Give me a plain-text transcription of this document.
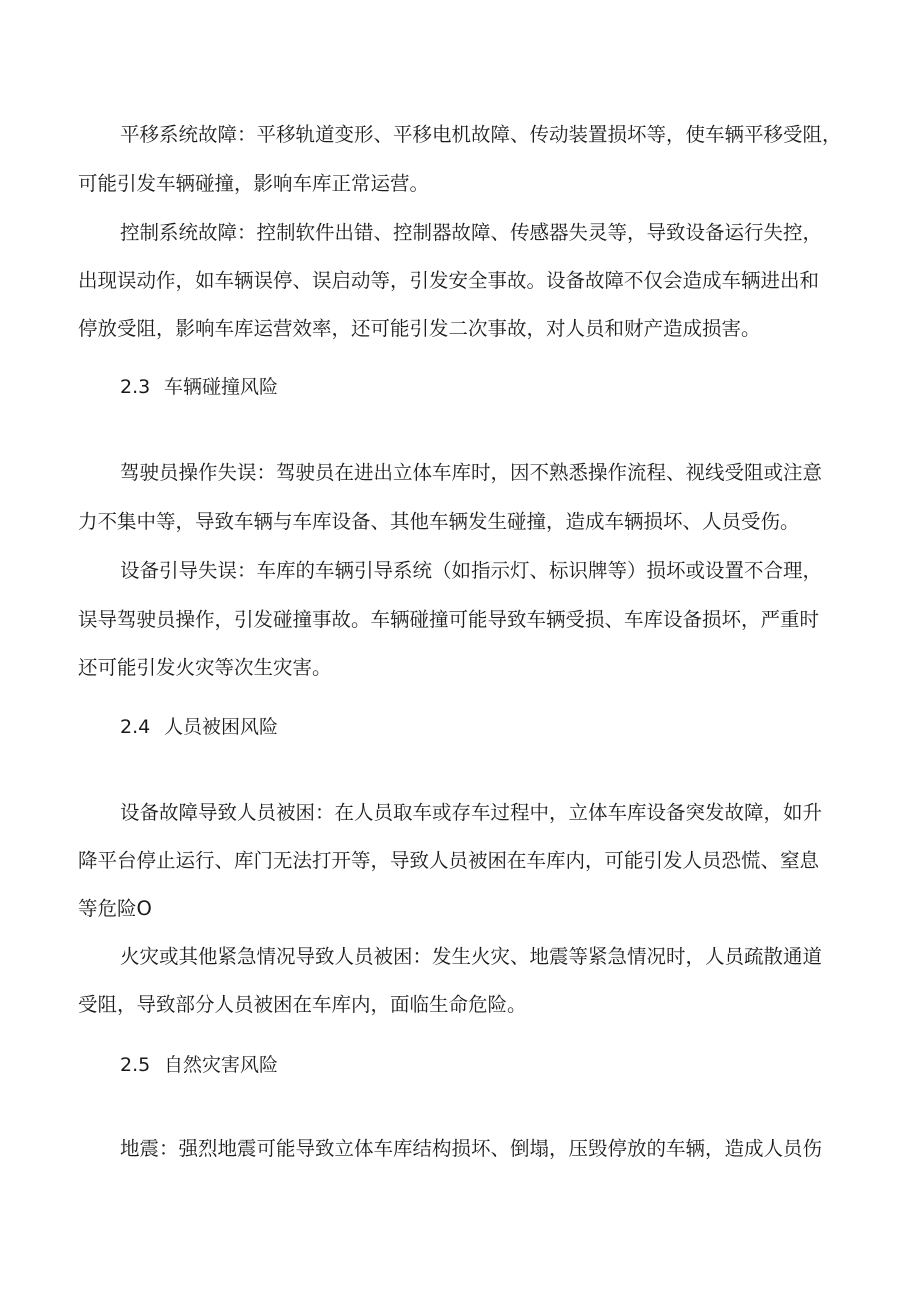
平移系统故障：平移轨道变形、平移电机故障、传动装置损坏等，使车辆平移受阻，
可能引发车辆碰撞，影响车库正常运营。
控制系统故障：控制软件出错、控制器故障、传感器失灵等，导致设备运行失控，
出现误动作，如车辆误停、误启动等，引发安全事故。设备故障不仅会造成车辆进出和
停放受阻，影响车库运营效率，还可能引发二次事故，对人员和财产造成损害。
2.3 车辆碰撞风险
驾驶员操作失误：驾驶员在进出立体车库时，因不熟悉操作流程、视线受阻或注意
力不集中等，导致车辆与车库设备、其他车辆发生碰撞，造成车辆损坏、人员受伤。
设备引导失误：车库的车辆引导系统（如指示灯、标识牌等）损坏或设置不合理，
误导驾驶员操作，引发碰撞事故。车辆碰撞可能导致车辆受损、车库设备损坏，严重时
还可能引发火灾等次生灾害。
2.4 人员被困风险
设备故障导致人员被困：在人员取车或存车过程中，立体车库设备突发故障，如升
降平台停止运行、库门无法打开等，导致人员被困在车库内，可能引发人员恐慌、窒息
等危险O
火灾或其他紧急情况导致人员被困：发生火灾、地震等紧急情况时，人员疏散通道
受阻，导致部分人员被困在车库内，面临生命危险。
2.5 自然灾害风险
地震：强烈地震可能导致立体车库结构损坏、倒塌，压毁停放的车辆，造成人员伤
